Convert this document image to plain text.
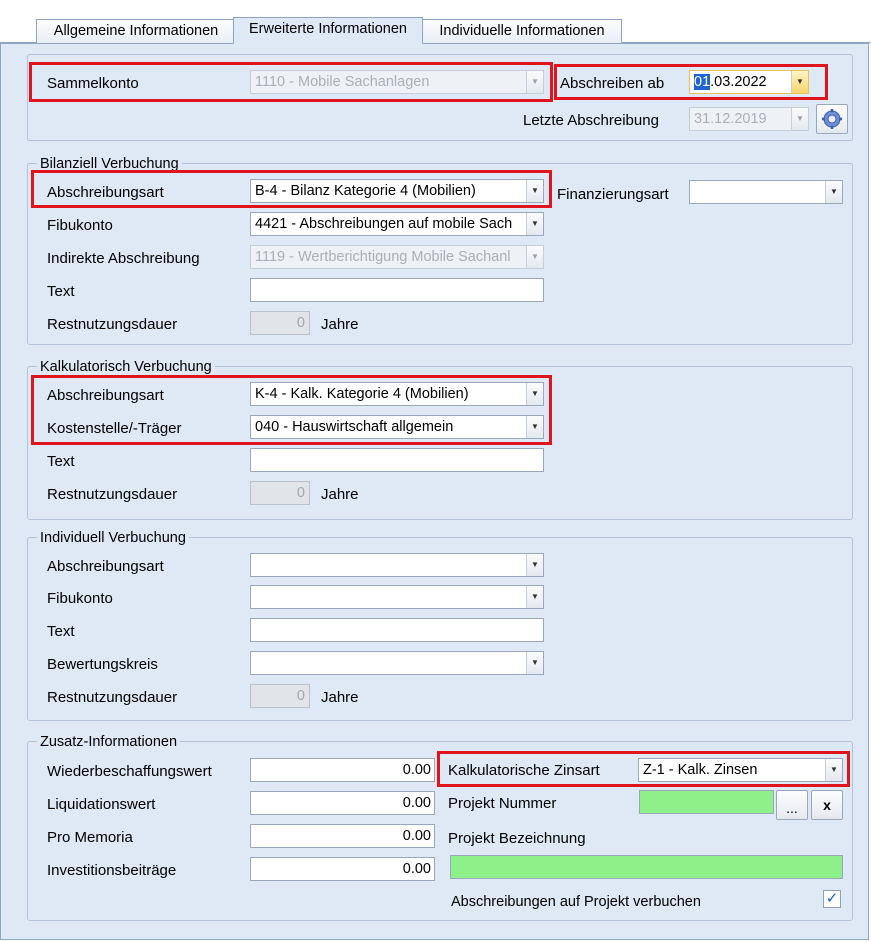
Allgemeine Informationen	Erweiterte Informationen	Individuelle Informationen
Sammelkonto	1110 - Mobile Sachanlagen	▼ Abschreiben ab	01.03.2022	▼
Letzte Abschreibung	31.12.2019	▼
Bilanziell Verbuchung
Abschreibungsart	B-4 - Bilanz Kategorie 4 (Mobilien)	▼ Finanzierungsart	▼
Fibukonto	4421 - Abschreibungen auf mobile Sach	▼
Indirekte Abschreibung	1119 - Wertberichtigung Mobile Sachanl	▼
Text
Restnutzungsdauer	0	Jahre
Kalkulatorisch Verbuchung
Abschreibungsart	K-4 - Kalk. Kategorie 4 (Mobilien)	▼
Kostenstelle/-Träger	040 - Hauswirtschaft allgemein	▼
Text
Restnutzungsdauer	0	Jahre
Individuell Verbuchung
Abschreibungsart	▼
Fibukonto	▼
Text
Bewertungskreis	▼
Restnutzungsdauer	0	Jahre
Zusatz-Informationen
Wiederbeschaffungswert	0.00
Liquidationswert	0.00
Pro Memoria	0.00
Investitionsbeiträge	0.00
Kalkulatorische Zinsart	Z-1 - Kalk. Zinsen	▼
Projekt Nummer	...	x
Projekt Bezeichnung
Abschreibungen auf Projekt verbuchen	✓
